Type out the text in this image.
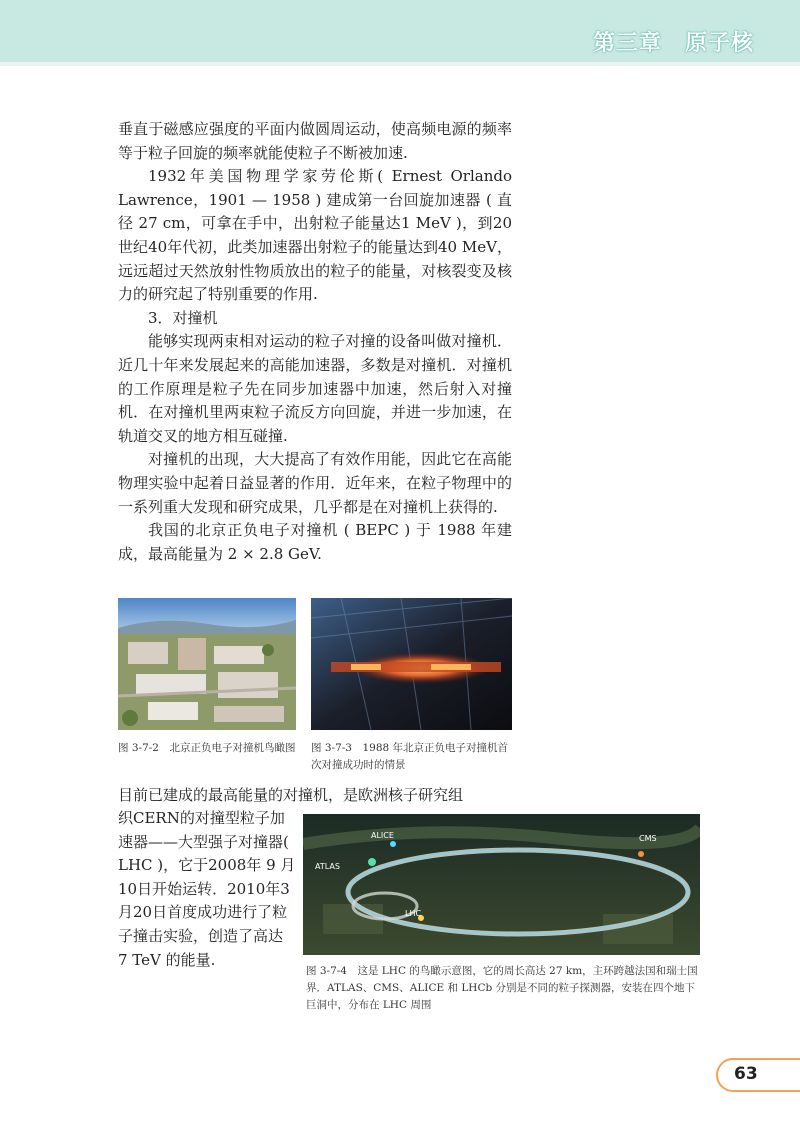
第三章　原子核

垂直于磁感应强度的平面内做圆周运动，使高频电源的频率等于粒子回旋的频率就能使粒子不断被加速.

1932年美国物理学家劳伦斯( Ernest Orlando Lawrence，1901 — 1958 ) 建成第一台回旋加速器 ( 直径 27 cm，可拿在手中，出射粒子能量达1 MeV )，到20世纪40年代初，此类加速器出射粒子的能量达到40 MeV，远远超过天然放射性物质放出的粒子的能量，对核裂变及核力的研究起了特别重要的作用.

3．对撞机

能够实现两束相对运动的粒子对撞的设备叫做对撞机．近几十年来发展起来的高能加速器，多数是对撞机．对撞机的工作原理是粒子先在同步加速器中加速，然后射入对撞机．在对撞机里两束粒子流反方向回旋，并进一步加速，在轨道交叉的地方相互碰撞.

对撞机的出现，大大提高了有效作用能，因此它在高能物理实验中起着日益显著的作用．近年来，在粒子物理中的一系列重大发现和研究成果，几乎都是在对撞机上获得的.

我国的北京正负电子对撞机 ( BEPC ) 于 1988 年建成，最高能量为 2 × 2.8 GeV.

图 3-7-2　北京正负电子对撞机鸟瞰图 图 3-7-3　1988 年北京正负电子对撞机首次对撞成功时的情景
目前已建成的最高能量的对撞机，是欧洲核子研究组
织CERN的对撞型粒子加速器——大型强子对撞器( LHC )，它于2008年 9 月10日开始运转．2010年3月20日首度成功进行了粒子撞击实验，创造了高达 7 TeV 的能量.
ALICE
ATLAS
CMS
LHC
图 3-7-4　这是 LHC 的鸟瞰示意图，它的周长高达 27 km，主环跨越法国和瑞士国界．ATLAS、CMS、ALICE 和 LHCb 分别是不同的粒子探测器，安装在四个地下巨洞中，分布在 LHC 周围
63
